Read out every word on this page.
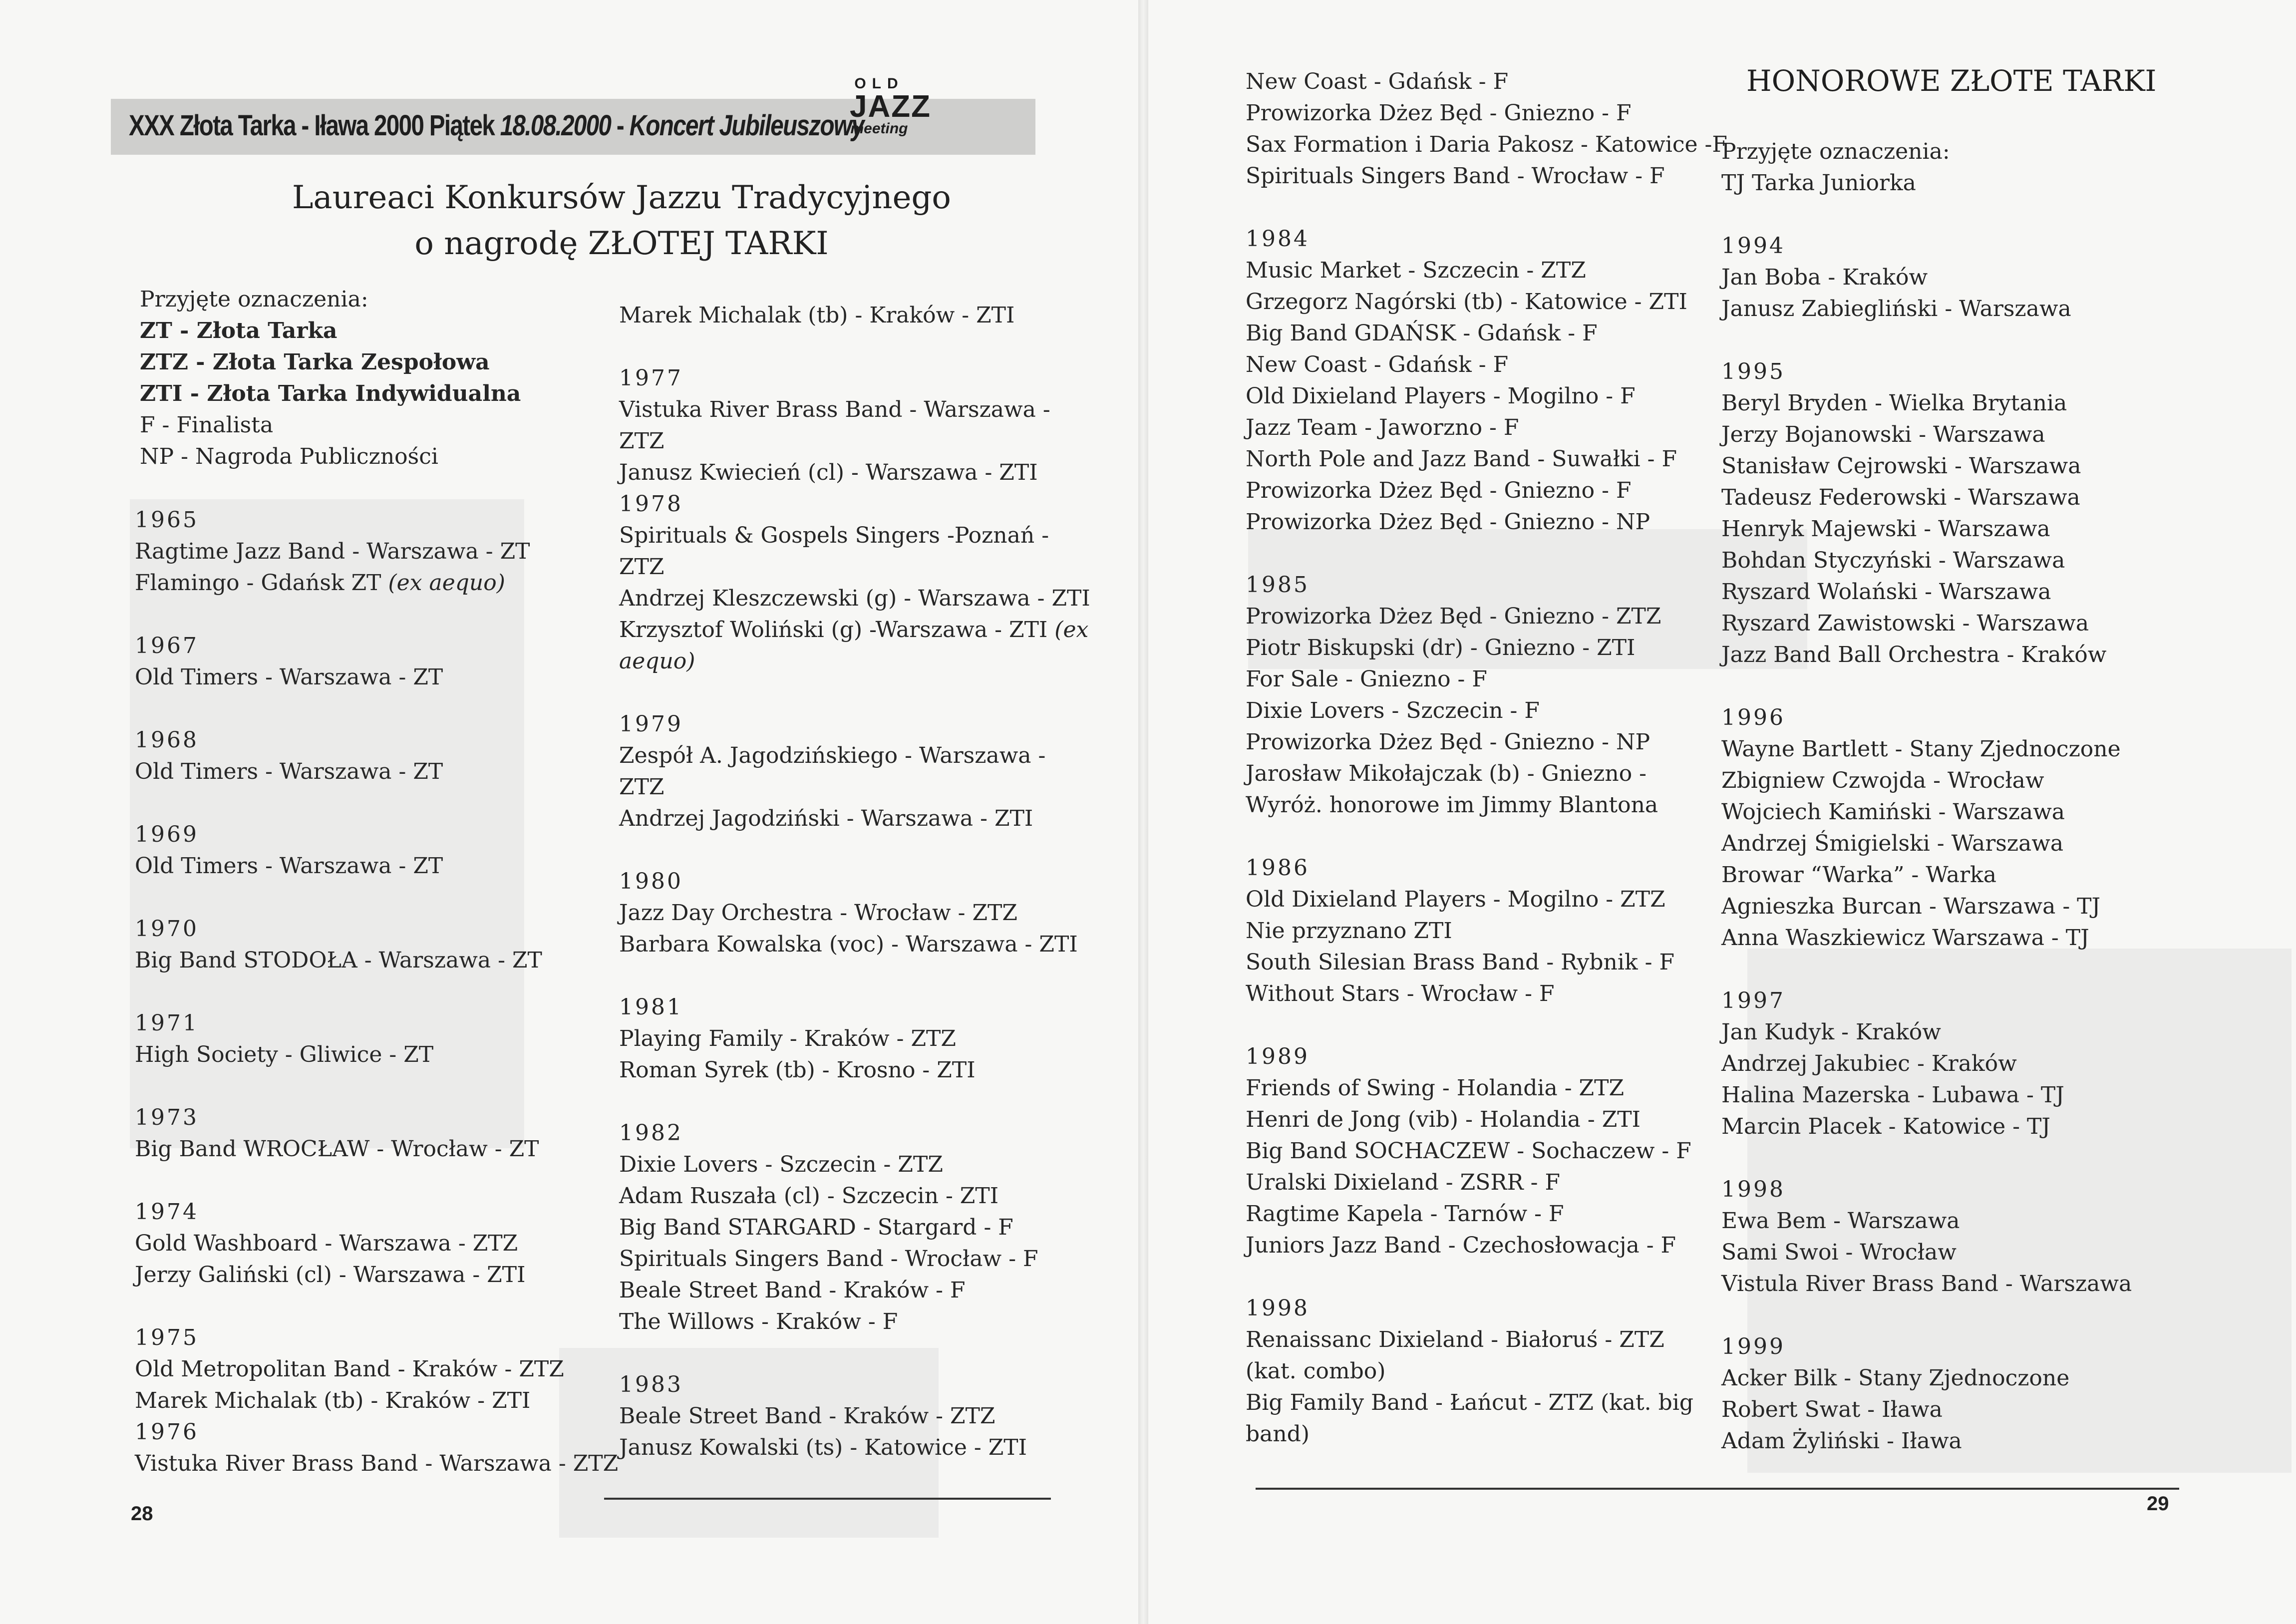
XXX Złota Tarka - Iława 2000 Piątek 18.08.2000 - Koncert Jubileuszowy
OLD
JAZZ
meeting
Laureaci Konkursów Jazzu Tradycyjnego
o nagrodę ZŁOTEJ TARKI
Przyjęte oznaczenia:
ZT - Złota Tarka
ZTZ - Złota Tarka Zespołowa
ZTI - Złota Tarka Indywidualna
F - Finalista
NP - Nagroda Publiczności
1965
Ragtime Jazz Band - Warszawa - ZT
Flamingo - Gdańsk ZT (ex aequo)
1967
Old Timers - Warszawa - ZT
1968
Old Timers - Warszawa - ZT
1969
Old Timers - Warszawa - ZT
1970
Big Band STODOŁA - Warszawa - ZT
1971
High Society - Gliwice - ZT
1973
Big Band WROCŁAW - Wrocław - ZT
1974
Gold Washboard - Warszawa - ZTZ
Jerzy Galiński (cl) - Warszawa - ZTI
1975
Old Metropolitan Band - Kraków - ZTZ
Marek Michalak (tb) - Kraków - ZTI
1976
Vistuka River Brass Band - Warszawa - ZTZ
Marek Michalak (tb) - Kraków - ZTI
1977
Vistuka River Brass Band - Warszawa -
ZTZ
Janusz Kwiecień (cl) - Warszawa - ZTI
1978
Spirituals & Gospels Singers -Poznań -
ZTZ
Andrzej Kleszczewski (g) - Warszawa - ZTI
Krzysztof Woliński (g) -Warszawa - ZTI (ex
aequo)
1979
Zespół A. Jagodzińskiego - Warszawa -
ZTZ
Andrzej Jagodziński - Warszawa - ZTI
1980
Jazz Day Orchestra - Wrocław - ZTZ
Barbara Kowalska (voc) - Warszawa - ZTI
1981
Playing Family - Kraków - ZTZ
Roman Syrek (tb) - Krosno - ZTI
1982
Dixie Lovers - Szczecin - ZTZ
Adam Ruszała (cl) - Szczecin - ZTI
Big Band STARGARD - Stargard - F
Spirituals Singers Band - Wrocław - F
Beale Street Band - Kraków - F
The Willows - Kraków - F
1983
Beale Street Band - Kraków - ZTZ
Janusz Kowalski (ts) - Katowice - ZTI
28
New Coast - Gdańsk - F
Prowizorka Dżez Będ - Gniezno - F
Sax Formation i Daria Pakosz - Katowice -F
Spirituals Singers Band - Wrocław - F
1984
Music Market - Szczecin - ZTZ
Grzegorz Nagórski (tb) - Katowice - ZTI
Big Band GDAŃSK - Gdańsk - F
New Coast - Gdańsk - F
Old Dixieland Players - Mogilno - F
Jazz Team - Jaworzno - F
North Pole and Jazz Band - Suwałki - F
Prowizorka Dżez Będ - Gniezno - F
Prowizorka Dżez Będ - Gniezno - NP
1985
Prowizorka Dżez Będ - Gniezno - ZTZ
Piotr Biskupski (dr) - Gniezno - ZTI
For Sale - Gniezno - F
Dixie Lovers - Szczecin - F
Prowizorka Dżez Będ - Gniezno - NP
Jarosław Mikołajczak (b) - Gniezno -
Wyróż. honorowe im Jimmy Blantona
1986
Old Dixieland Players - Mogilno - ZTZ
Nie przyznano ZTI
South Silesian Brass Band - Rybnik - F
Without Stars - Wrocław - F
1989
Friends of Swing - Holandia - ZTZ
Henri de Jong (vib) - Holandia - ZTI
Big Band SOCHACZEW - Sochaczew - F
Uralski Dixieland - ZSRR - F
Ragtime Kapela - Tarnów - F
Juniors Jazz Band - Czechosłowacja - F
1998
Renaissanc Dixieland - Białoruś - ZTZ
(kat. combo)
Big Family Band - Łańcut - ZTZ (kat. big
band)
HONOROWE ZŁOTE TARKI
Przyjęte oznaczenia:
TJ Tarka Juniorka
1994
Jan Boba - Kraków
Janusz Zabiegliński - Warszawa
1995
Beryl Bryden - Wielka Brytania
Jerzy Bojanowski - Warszawa
Stanisław Cejrowski - Warszawa
Tadeusz Federowski - Warszawa
Henryk Majewski - Warszawa
Bohdan Styczyński - Warszawa
Ryszard Wolański - Warszawa
Ryszard Zawistowski - Warszawa
Jazz Band Ball Orchestra - Kraków
1996
Wayne Bartlett - Stany Zjednoczone
Zbigniew Czwojda - Wrocław
Wojciech Kamiński - Warszawa
Andrzej Śmigielski - Warszawa
Browar “Warka” - Warka
Agnieszka Burcan - Warszawa - TJ
Anna Waszkiewicz Warszawa - TJ
1997
Jan Kudyk - Kraków
Andrzej Jakubiec - Kraków
Halina Mazerska - Lubawa - TJ
Marcin Placek - Katowice - TJ
1998
Ewa Bem - Warszawa
Sami Swoi - Wrocław
Vistula River Brass Band - Warszawa
1999
Acker Bilk - Stany Zjednoczone
Robert Swat - Iława
Adam Żyliński - Iława
29
